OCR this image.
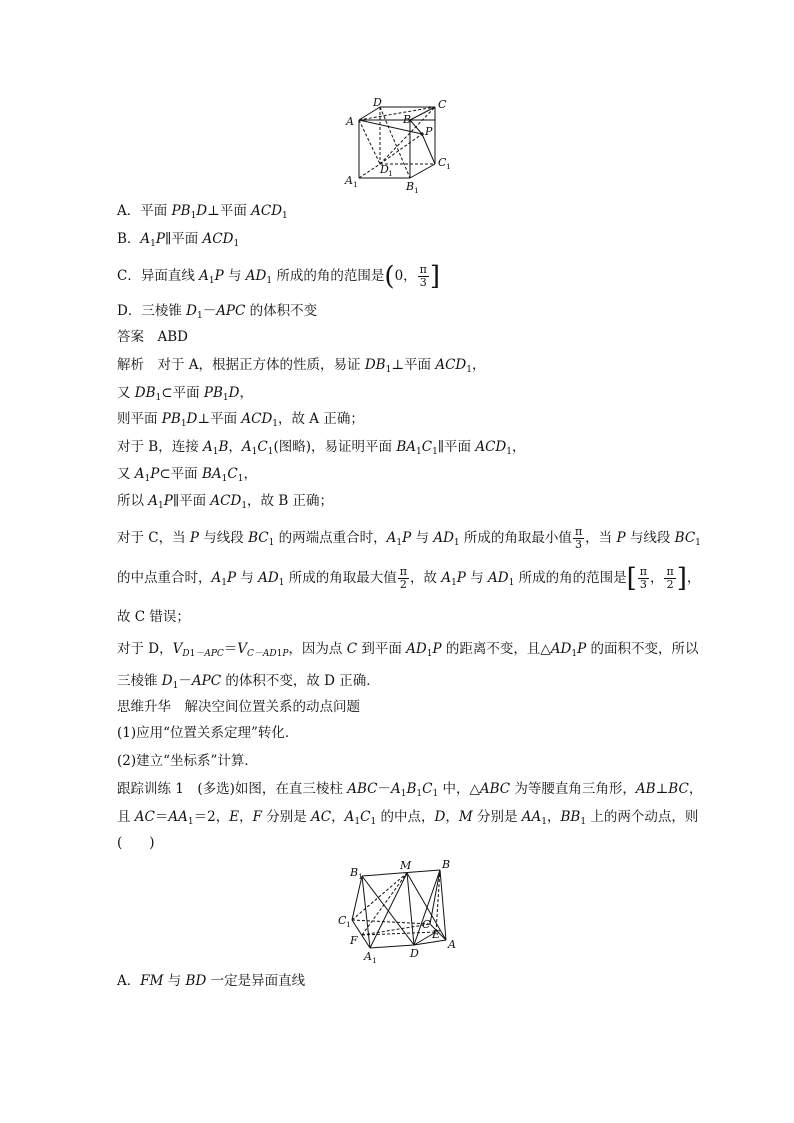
D	C
A	B
P
C 1
D 1
A 1	B 1
A．平面 $PB_1D\perp$平面 $ACD_1$
B．$A_1P\parallel$平面 $ACD_1$
C．异面直线 $A_1P$ 与 $AD_1$ 所成的角的范围是(0， $\frac{\pi}{3}$ ]
D．三棱锥 $D_1-APC$ 的体积不变
答案　 ABD
解析　对于 A，根据正方体的性质，易证 $DB_1\perp$平面 $ACD_1$，
又 $DB_1\subset$平面 $PB_1D$，
则平面 $PB_1D\perp$平面 $ACD_1$，故 A 正确；
对于 B，连接 $A_1B$，$A_1C_1$(图略)，易证明平面 $BA_1C_1\parallel$平面 $ACD_1$，
又 $A_1P\subset$平面 $BA_1C_1$，
所以 $A_1P\parallel$平面 $ACD_1$，故 B 正确；
对于 C，当 P 与线段 $BC_1$ 的两端点重合时，$A_1P$ 与 $AD_1$ 所成的角取最小值 $\frac{\pi}{3}$ ，当 P 与线段 $BC_1$
的中点重合时，$A_1P$ 与 $AD_1$ 所成的角取最大值 $\frac{\pi}{2}$ ，故 $A_1P$ 与 $AD_1$ 所成的角的范围是[ $\frac{\pi}{3}$ ， $\frac{\pi}{2}$ ]，
故 C 错误；
对于 D，$V_{D1-APC}=V_{C-AD1P}$，因为点 C 到平面 $AD_1P$ 的距离不变，且$\triangle AD_1P$ 的面积不变，所以
三棱锥 $D_1-APC$ 的体积不变，故 D 正确．
思维升华　解决空间位置关系的动点问题
(1)应用“位置关系定理”转化．
(2)建立“坐标系”计算．
跟踪训练 1　(多选)如图，在直三棱柱 $ABC-A_1B_1C_1$ 中，△ABC 为等腰直角三角形，AB⊥BC，
且 $AC=AA_1=2$，E，F 分别是 AC，$A_1C_1$ 的中点，D，M 分别是 $AA_1$，$BB_1$ 上的两个动点，则
(　　)
M	B
B 1
C 1	C
E
F
D
A
A 1
A．FM 与 BD 一定是异面直线
